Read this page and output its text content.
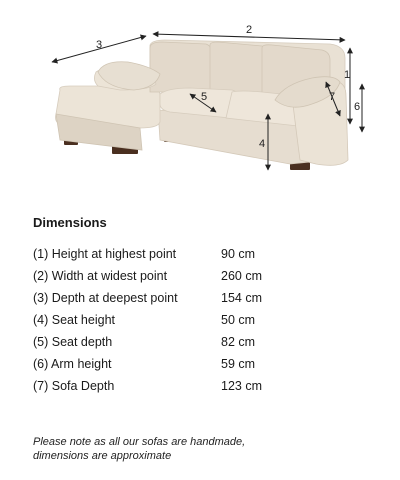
3
2
1
6
5	7
4
Dimensions
(1) Height at highest point	90 cm
(2) Width at widest point	260 cm
(3) Depth at deepest point	154 cm
(4) Seat height	50 cm
(5) Seat depth	82 cm
(6) Arm height	59 cm
(7) Sofa Depth	123 cm
Please note as all our sofas are handmade,
dimensions are approximate
